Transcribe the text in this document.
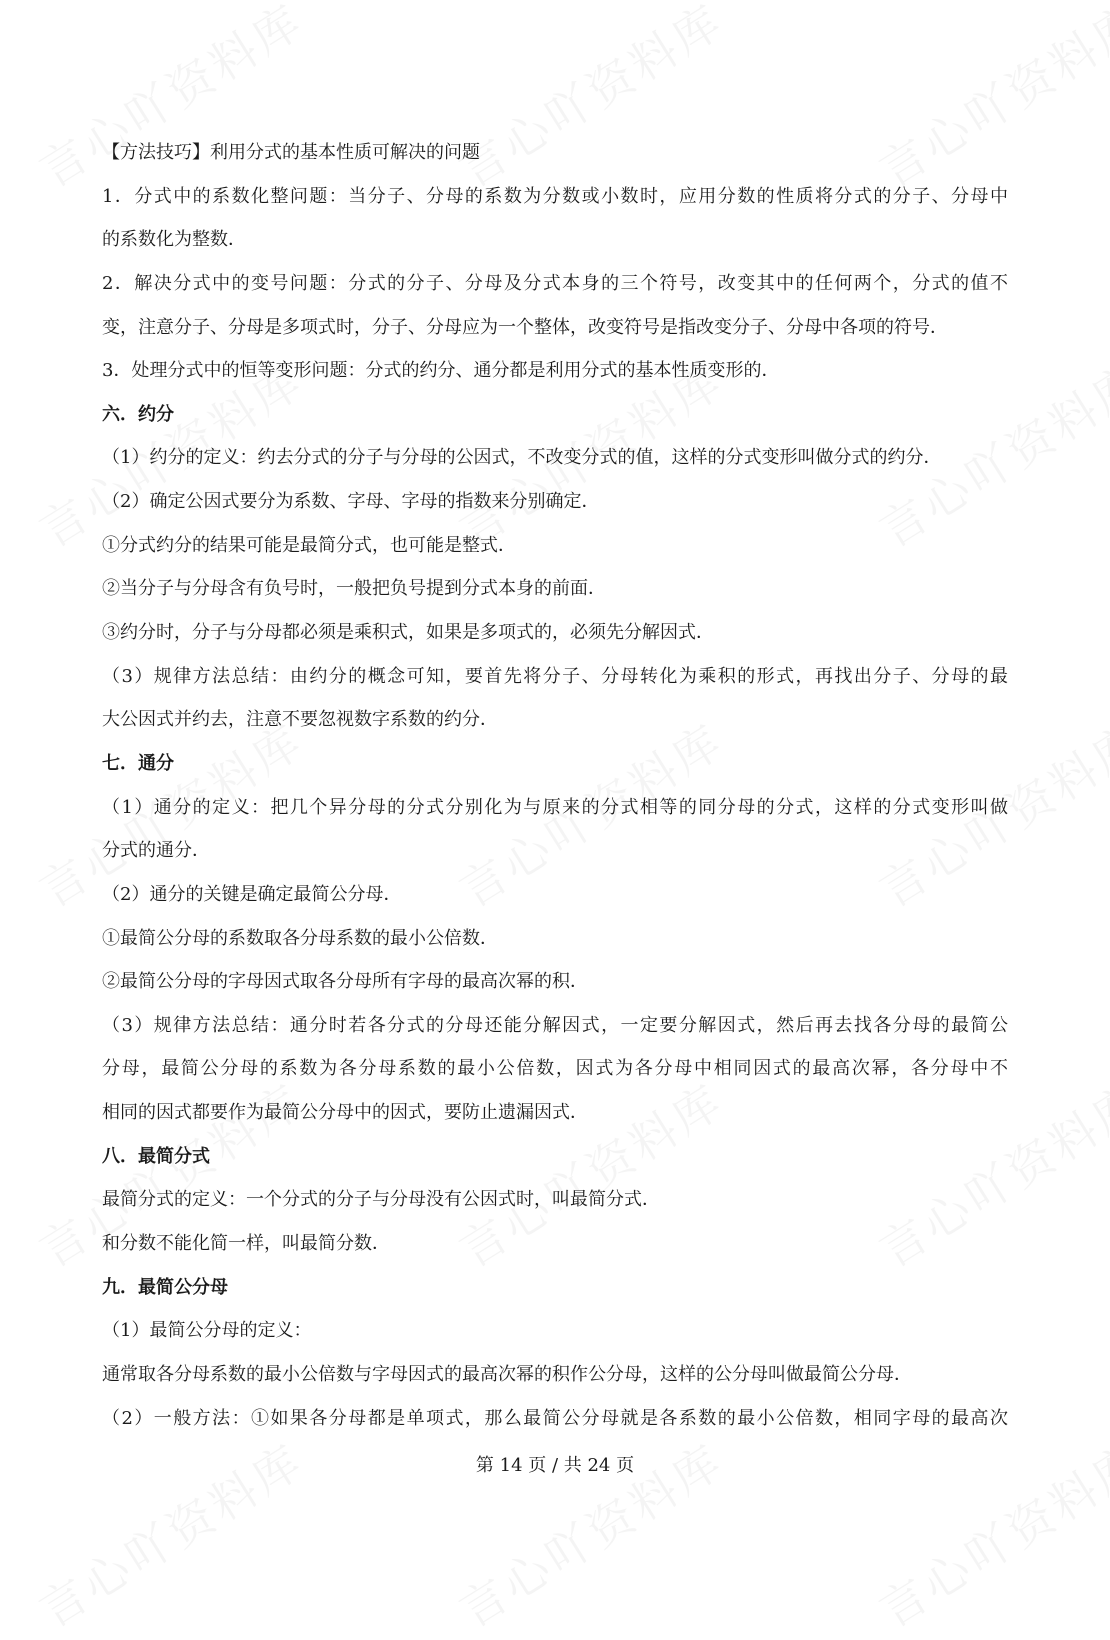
【方法技巧】利用分式的基本性质可解决的问题
1．分式中的系数化整问题：当分子、分母的系数为分数或小数时，应用分数的性质将分式的分子、分母中
的系数化为整数．
2．解决分式中的变号问题：分式的分子、分母及分式本身的三个符号，改变其中的任何两个，分式的值不
变，注意分子、分母是多项式时，分子、分母应为一个整体，改变符号是指改变分子、分母中各项的符号．
3．处理分式中的恒等变形问题：分式的约分、通分都是利用分式的基本性质变形的．
六．约分
（1）约分的定义：约去分式的分子与分母的公因式，不改变分式的值，这样的分式变形叫做分式的约分．
（2）确定公因式要分为系数、字母、字母的指数来分别确定．
①分式约分的结果可能是最简分式，也可能是整式．
②当分子与分母含有负号时，一般把负号提到分式本身的前面．
③约分时，分子与分母都必须是乘积式，如果是多项式的，必须先分解因式．
（3）规律方法总结：由约分的概念可知，要首先将分子、分母转化为乘积的形式，再找出分子、分母的最
大公因式并约去，注意不要忽视数字系数的约分．
七．通分
（1）通分的定义：把几个异分母的分式分别化为与原来的分式相等的同分母的分式，这样的分式变形叫做
分式的通分．
（2）通分的关键是确定最简公分母．
①最简公分母的系数取各分母系数的最小公倍数．
②最简公分母的字母因式取各分母所有字母的最高次幂的积．
（3）规律方法总结：通分时若各分式的分母还能分解因式，一定要分解因式，然后再去找各分母的最简公
分母，最简公分母的系数为各分母系数的最小公倍数，因式为各分母中相同因式的最高次幂，各分母中不
相同的因式都要作为最简公分母中的因式，要防止遗漏因式．
八．最简分式
最简分式的定义：一个分式的分子与分母没有公因式时，叫最简分式．
和分数不能化简一样，叫最简分数．
九．最简公分母
（1）最简公分母的定义：
通常取各分母系数的最小公倍数与字母因式的最高次幂的积作公分母，这样的公分母叫做最简公分母．
（2）一般方法：①如果各分母都是单项式，那么最简公分母就是各系数的最小公倍数，相同字母的最高次
第 14 页 / 共 24 页
